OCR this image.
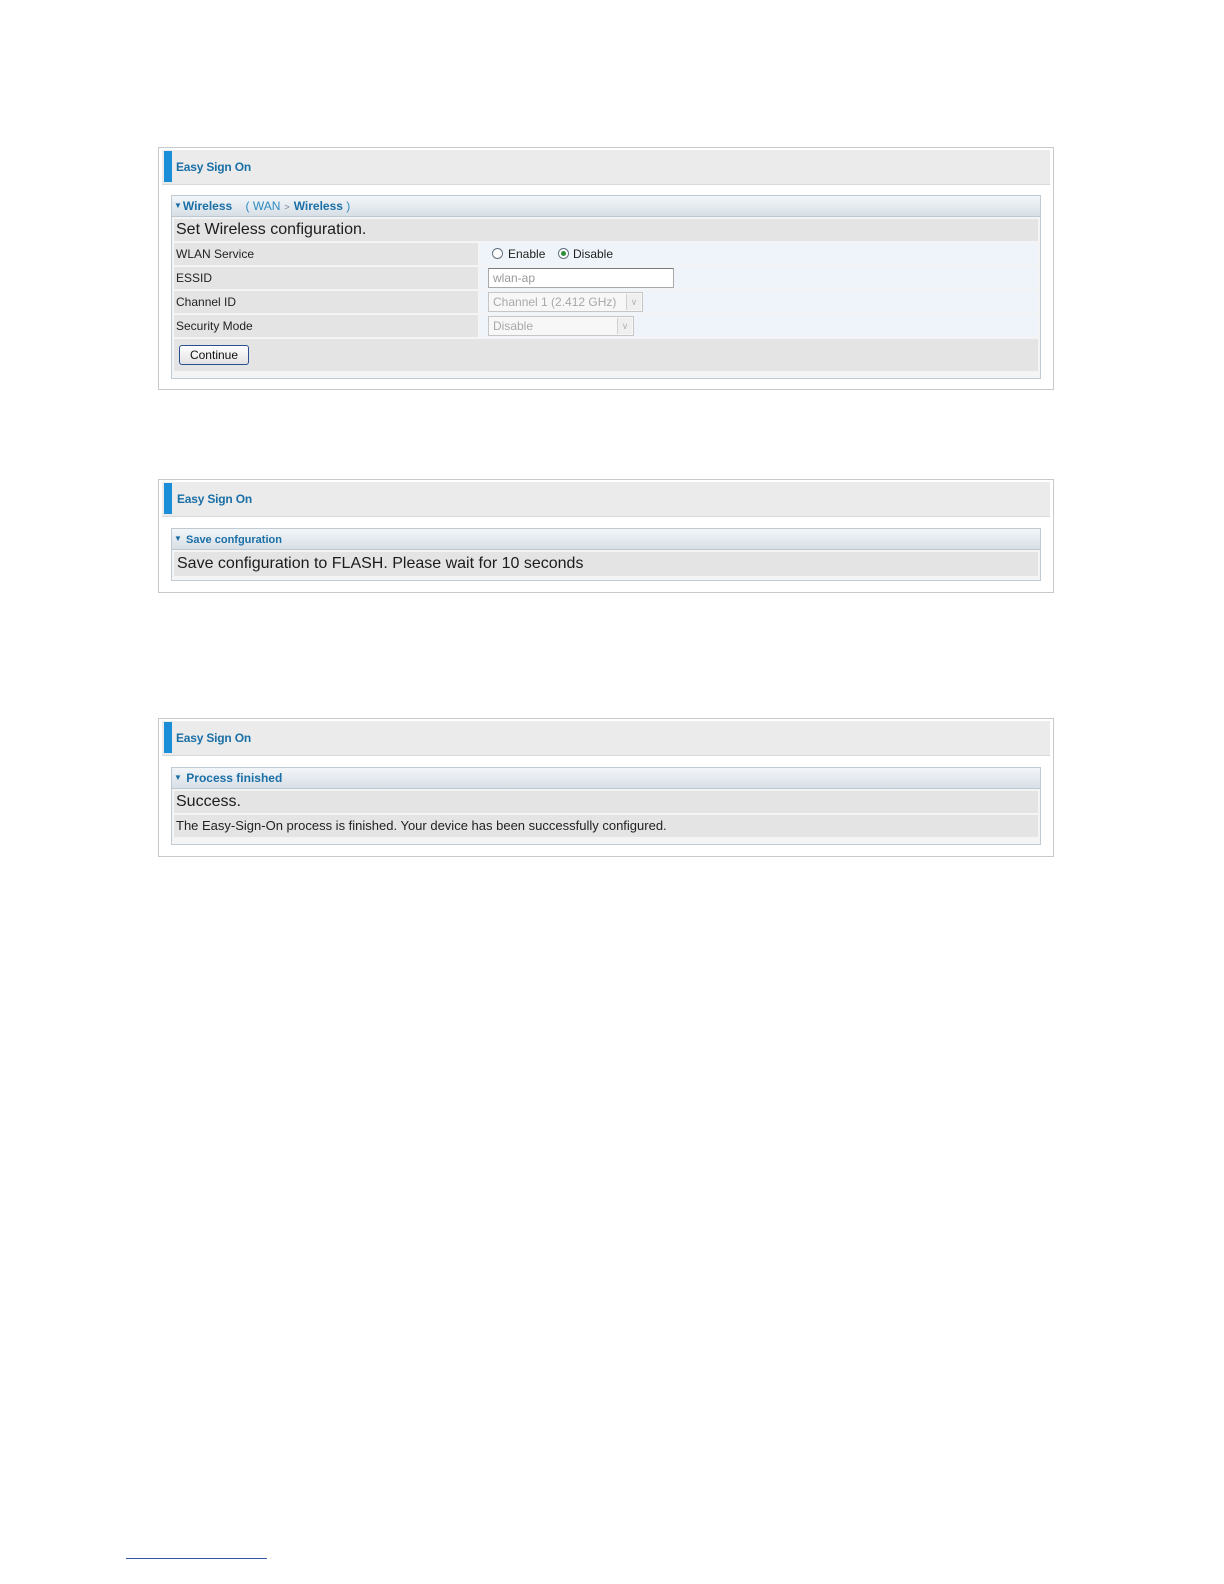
Easy Sign On
▼Wireless ( WAN > Wireless )
Set Wireless configuration.
WLAN Service	Enable Disable
ESSID	wlan-ap
Channel ID	Channel 1 (2.412 GHz)	∨
Security Mode	Disable	∨
Continue
Easy Sign On
▼ Save confguration
Save configuration to FLASH. Please wait for 10 seconds
Easy Sign On
▼ Process finished
Success.
The Easy-Sign-On process is finished. Your device has been successfully configured.
